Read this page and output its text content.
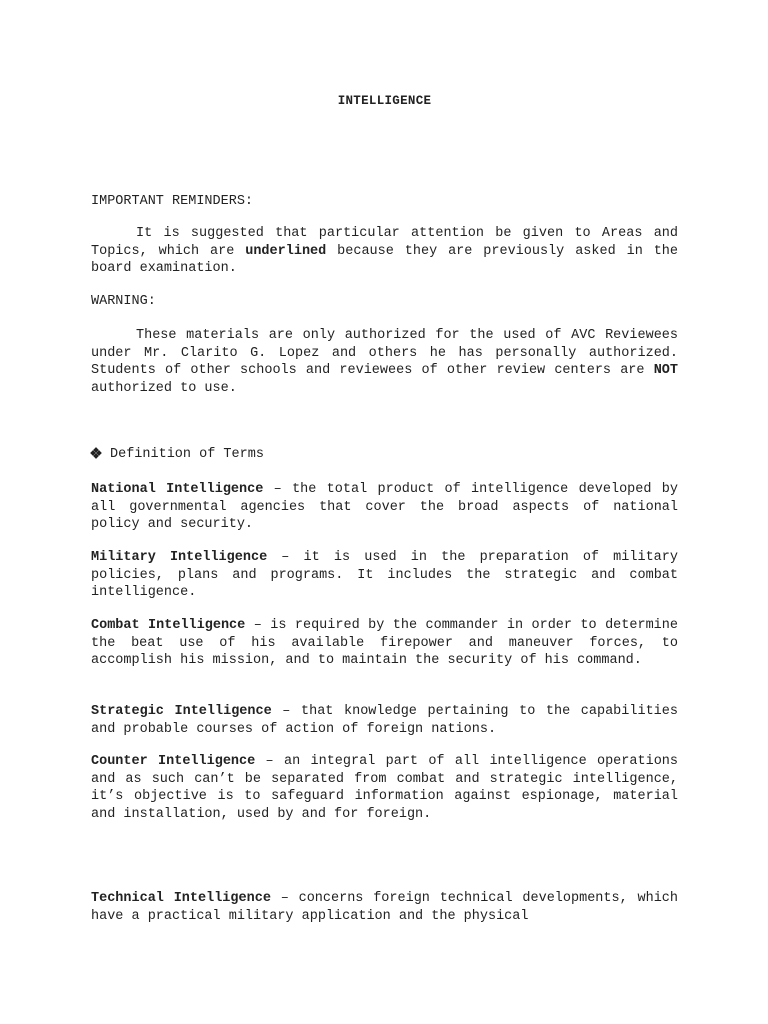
INTELLIGENCE
IMPORTANT REMINDERS:

It is suggested that particular attention be given to Areas and Topics, which are underlined because they are previously asked in the board examination.

WARNING:

These materials are only authorized for the used of AVC Reviewees under Mr. Clarito G. Lopez and others he has personally authorized. Students of other schools and reviewees of other review centers are NOT authorized to use.

Definition of Terms

National Intelligence – the total product of intelligence developed by all governmental agencies that cover the broad aspects of national policy and security.

Military Intelligence – it is used in the preparation of military policies, plans and programs. It includes the strategic and combat intelligence.

Combat Intelligence – is required by the commander in order to determine the beat use of his available firepower and maneuver forces, to accomplish his mission, and to maintain the security of his command.

Strategic Intelligence – that knowledge pertaining to the capabilities and probable courses of action of foreign nations.

Counter Intelligence – an integral part of all intelligence operations and as such can’t be separated from combat and strategic intelligence, it’s objective is to safeguard information against espionage, material and installation, used by and for foreign.

Technical Intelligence – concerns foreign technical developments, which have a practical military application and the physical
